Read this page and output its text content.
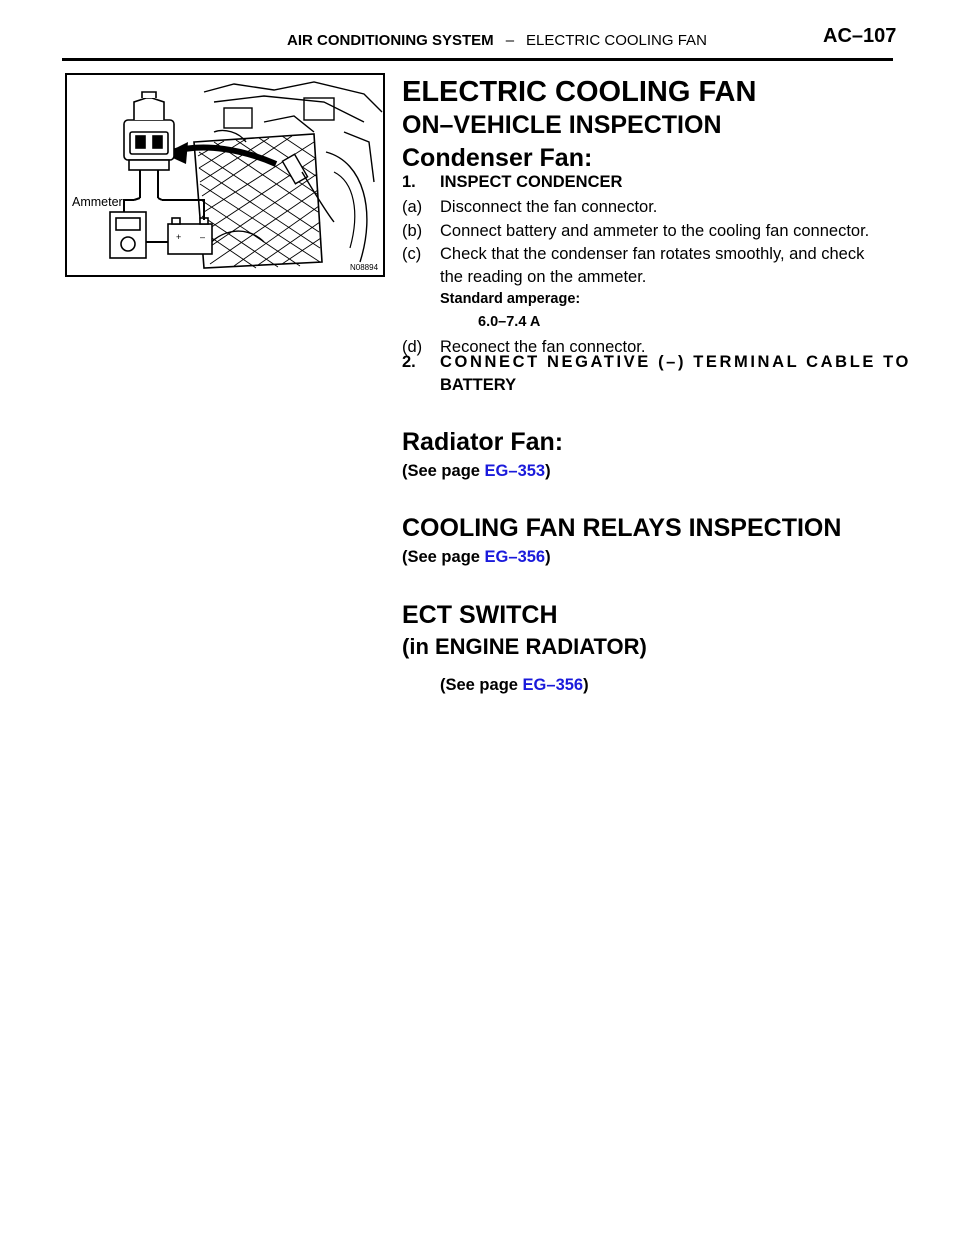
AIR CONDITIONING SYSTEM – ELECTRIC COOLING FAN	AC–107
+ –
Ammeter
N08894
ELECTRIC COOLING FAN
ON–VEHICLE INSPECTION
Condenser Fan:
1. INSPECT CONDENCER
(a) Disconnect the fan connector.
(b) Connect battery and ammeter to the cooling fan connector.
(c) Check that the condenser fan rotates smoothly, and check
the reading on the ammeter.
Standard amperage:
6.0–7.4 A
(d) Reconect the fan connector.
2. CONNECT NEGATIVE (–) TERMINAL CABLE TO
BATTERY
Radiator Fan:
(See page EG–353)
COOLING FAN RELAYS INSPECTION
(See page EG–356)
ECT SWITCH
(in ENGINE RADIATOR)
(See page EG–356)
